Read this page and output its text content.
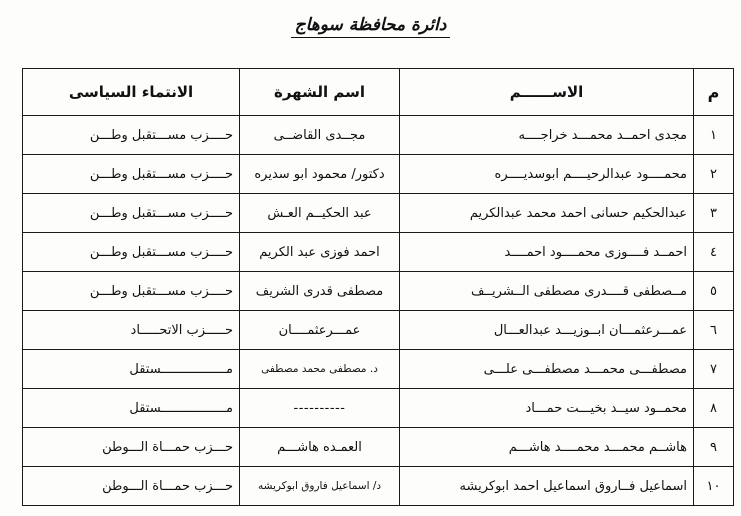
دائرة محافظة سوهاج
م	الاســــــم	اسم الشهرة	الانتماء السياسى
١	مجدى احمــد محمـــد خراجــــه	مجــدى القاضــى	حــــزب مســـتقبل وطـــن
٢	محمــــود عبدالرحيــــم ابوسديــــره	دكتور/ محمود ابو سديره	حــــزب مســـتقبل وطـــن
٣	عبدالحكيم حسانى احمد محمد عبدالكريم	عبد الحكيــم العـش	حــــزب مســـتقبل وطـــن
٤	احمــد فــــوزى محمــــود احمــــد	احمد فوزى عبد الكريم	حــــزب مســـتقبل وطـــن
٥	مــصطفى قــــدرى مصطفى الــشريــف	مصطفى قدرى الشريف	حــــزب مســـتقبل وطـــن
٦	عمـــرعثمـــان ابــوزيـــد عبدالعـــال	عمـــرعثمــــان	حـــــزب الاتحـــــاد
٧	مصطفـــى محمـــد مصطفـــى علـــى	د. مصطفى محمد مصطفى	مـــــــــــــــــستقل
٨	محمــود سيــد بخيـــت حمـــاد	----------	مـــــــــــــــــستقل
٩	هاشــم محمـــد محمــــد هاشـــم	العمـده هاشـــم	حـــزب حمـــاة الـــوطن
١٠	اسماعيل فــاروق اسماعيل احمد ابوكريشه	د/ اسماعيل فاروق ابوكريشه	حـــزب حمـــاة الـــوطن
